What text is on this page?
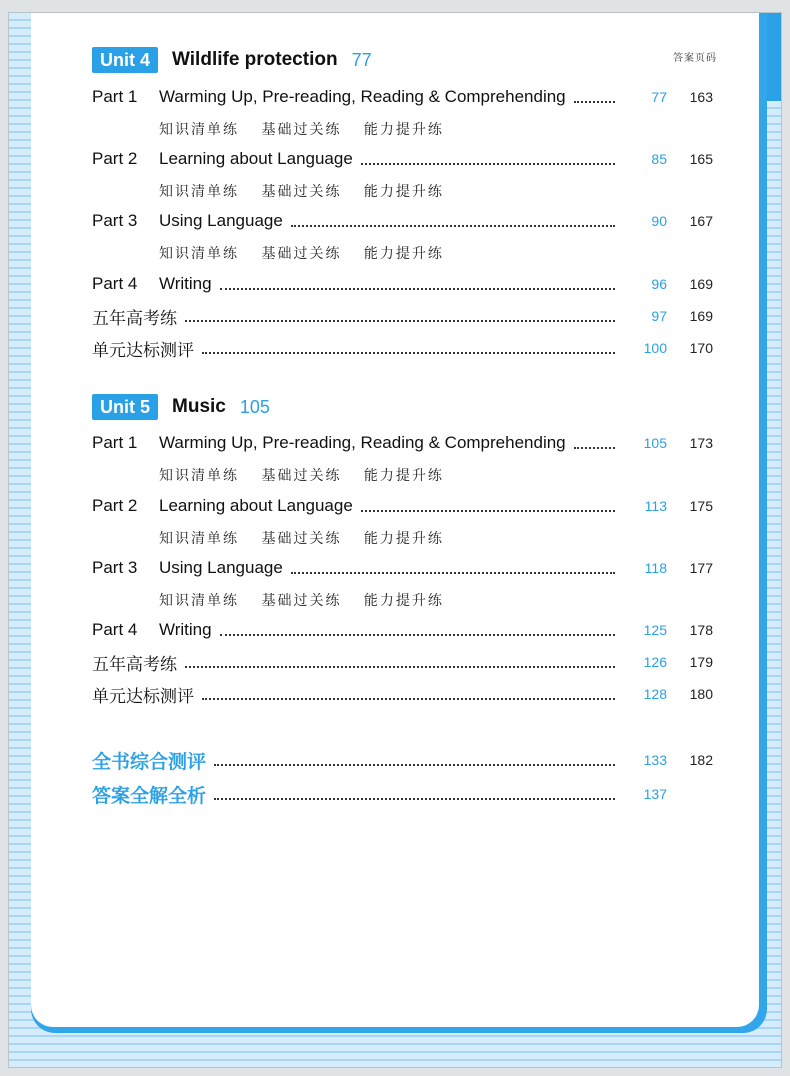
答案页码
Unit 4	Wildlife protection 77
Part 1	Warming Up, Pre-reading, Reading & Comprehending	77	163
知识清单练 基础过关练 能力提升练
Part 2	Learning about Language	85	165
知识清单练 基础过关练 能力提升练
Part 3	Using Language	90	167
知识清单练 基础过关练 能力提升练
Part 4	Writing	96	169
五年高考练	97	169
单元达标测评	100	170
Unit 5	Music 105
Part 1	Warming Up, Pre-reading, Reading & Comprehending	105	173
知识清单练 基础过关练 能力提升练
Part 2	Learning about Language	113	175
知识清单练 基础过关练 能力提升练
Part 3	Using Language	118	177
知识清单练 基础过关练 能力提升练
Part 4	Writing	125	178
五年高考练	126	179
单元达标测评	128	180
全书综合测评	133	182
答案全解全析	137
